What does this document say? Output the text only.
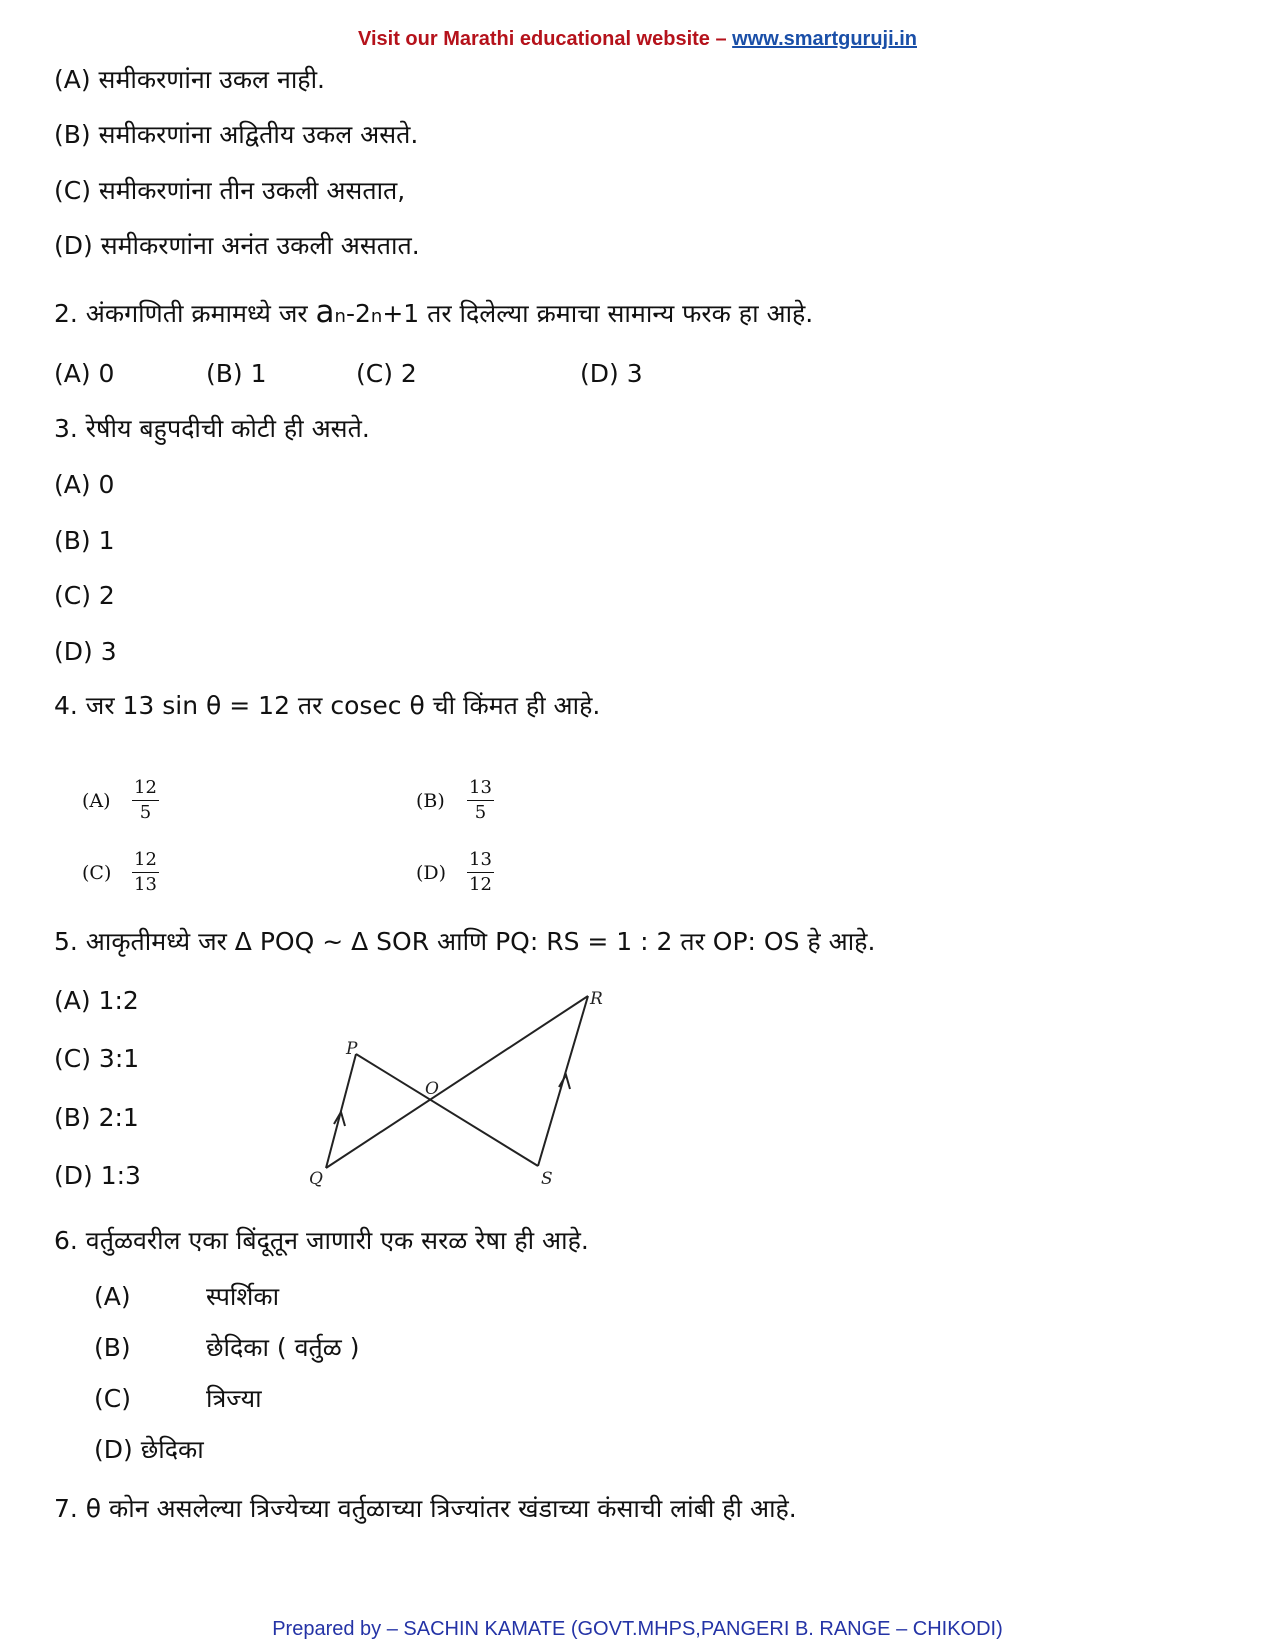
Visit our Marathi educational website – www.smartguruji.in
(A) समीकरणांना उकल नाही.
(B) समीकरणांना अद्वितीय उकल असते.
(C) समीकरणांना तीन उकली असतात,
(D) समीकरणांना अनंत उकली असतात.
2. अंकगणिती क्रमामध्ये जर an-2n+1 तर दिलेल्या क्रमाचा सामान्य फरक हा आहे.
(A) 0	(B) 1	(C) 2	(D) 3
3. रेषीय बहुपदीची कोटी ही असते.
(A) 0
(B) 1
(C) 2
(D) 3
4. जर 13 sin θ = 12 तर cosec θ ची किंमत ही आहे.
$(A) \frac{12}{5}$	$(B) \frac{13}{5}$
$(C) \frac{12}{13}$	$(D) \frac{13}{12}$
5. आकृतीमध्ये जर Δ POQ ~ Δ SOR आणि PQ: RS = 1 : 2 तर OP: OS हे आहे.
(A) 1:2
(C) 3:1
(B) 2:1
(D) 1:3
P
Q
O
R
S
6. वर्तुळवरील एका बिंदूतून जाणारी एक सरळ रेषा ही आहे.
(A)	स्पर्शिका
(B)	छेदिका ( वर्तुळ )
(C)	त्रिज्या
(D) छेदिका
7. θ कोन असलेल्या त्रिज्येच्या वर्तुळाच्या त्रिज्यांतर खंडाच्या कंसाची लांबी ही आहे.
Prepared by – SACHIN KAMATE (GOVT.MHPS,PANGERI B. RANGE – CHIKODI)
